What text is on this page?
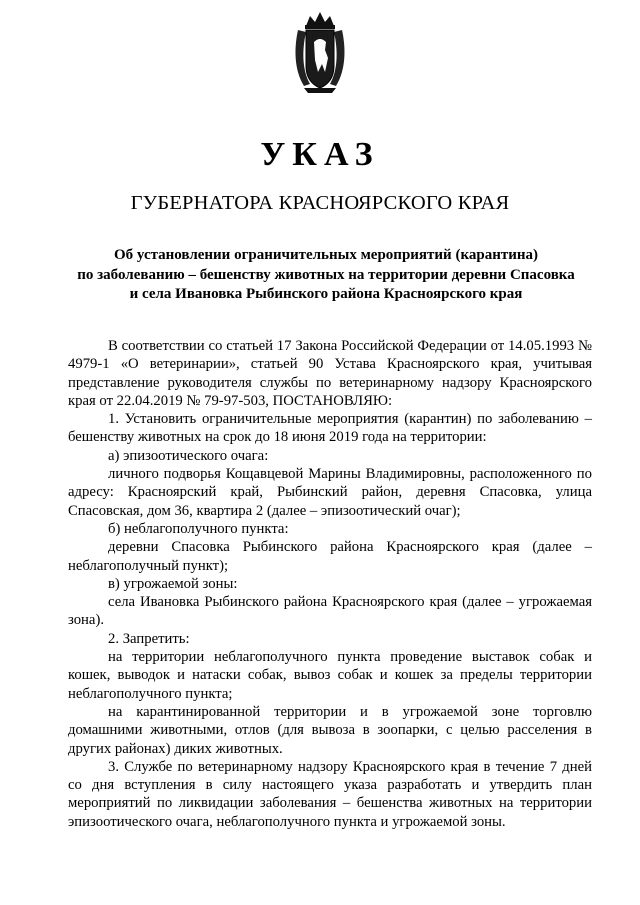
УКАЗ
ГУБЕРНАТОРА КРАСНОЯРСКОГО КРАЯ
Об установлении ограничительных мероприятий (карантина)
по заболеванию – бешенству животных на территории деревни Спасовка
и села Ивановка Рыбинского района Красноярского края

В соответствии со статьей 17 Закона Российской Федерации от 14.05.1993 № 4979-1 «О ветеринарии», статьей 90 Устава Красноярского края, учитывая представление руководителя службы по ветеринарному надзору Красноярского края от 22.04.2019 № 79-97-503, ПОСТАНОВЛЯЮ:

1. Установить ограничительные мероприятия (карантин) по заболеванию – бешенству животных на срок до 18 июня 2019 года на территории:

а) эпизоотического очага:

личного подворья Кощавцевой Марины Владимировны, расположенного по адресу: Красноярский край, Рыбинский район, деревня Спасовка, улица Спасовская, дом 36, квартира 2 (далее – эпизоотический очаг);

б) неблагополучного пункта:

деревни Спасовка Рыбинского района Красноярского края (далее – неблагополучный пункт);

в) угрожаемой зоны:

села Ивановка Рыбинского района Красноярского края (далее – угрожаемая зона).

2. Запретить:

на территории неблагополучного пункта проведение выставок собак и кошек, выводок и натаски собак, вывоз собак и кошек за пределы территории неблагополучного пункта;

на карантинированной территории и в угрожаемой зоне торговлю домашними животными, отлов (для вывоза в зоопарки, с целью расселения в других районах) диких животных.

3. Службе по ветеринарному надзору Красноярского края в течение 7 дней со дня вступления в силу настоящего указа разработать и утвердить план мероприятий по ликвидации заболевания – бешенства животных на территории эпизоотического очага, неблагополучного пункта и угрожаемой зоны.
